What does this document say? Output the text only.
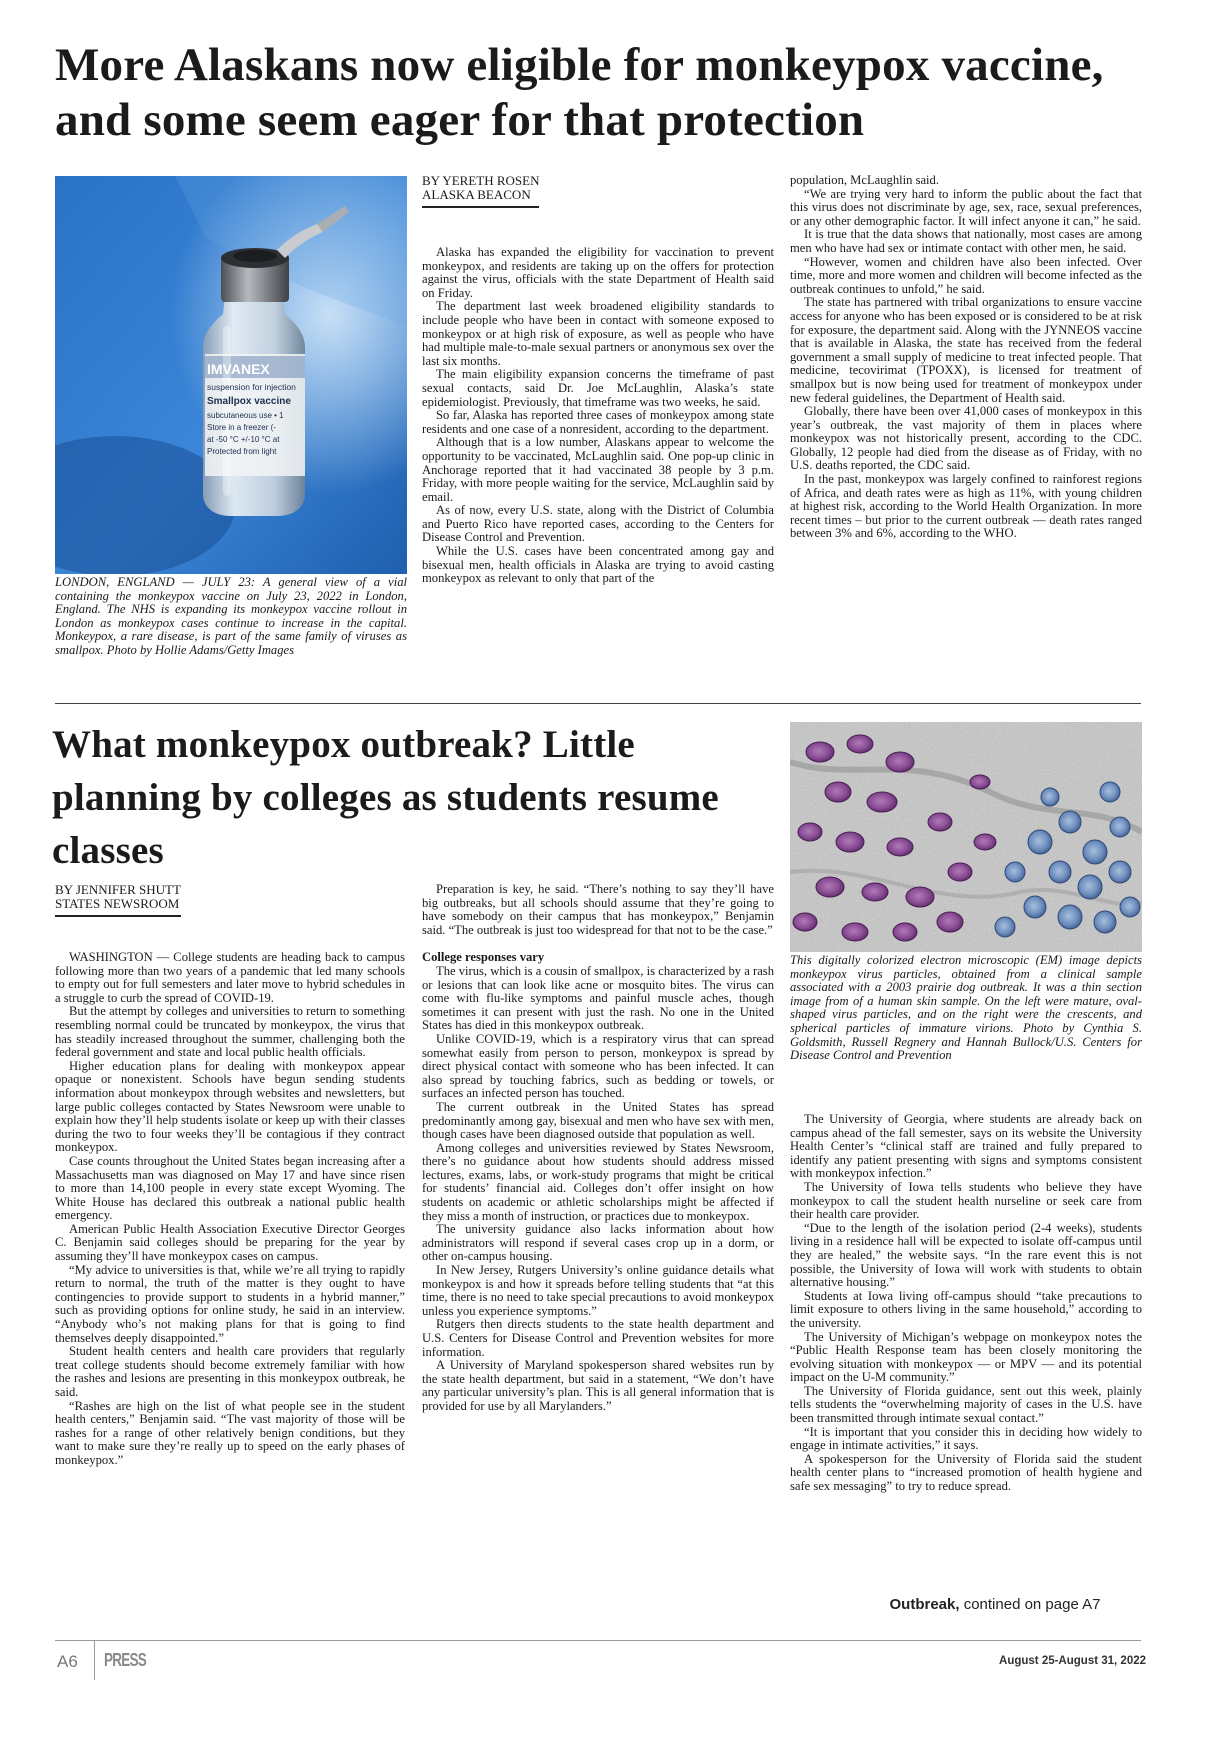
More Alaskans now eligible for monkeypox vaccine, and some seem eager for that protection
IMVANEX
suspension for injection
Smallpox vaccine
subcutaneous use • 1
Store in a freezer (-
at -50 °C +/-10 °C at
Protected from light

LONDON, ENGLAND — JULY 23: A general view of a vial containing the monkeypox vaccine on July 23, 2022 in London, England. The NHS is expanding its monkeypox vaccine rollout in London as monkeypox cases continue to increase in the capital. Monkeypox, a rare disease, is part of the same family of viruses as smallpox. Photo by Hollie Adams/Getty Images

BY YERETH ROSEN
ALASKA BEACON

Alaska has expanded the eligibility for vaccination to prevent monkeypox, and residents are taking up on the offers for protection against the virus, officials with the state Department of Health said on Friday.

The department last week broadened eligibility standards to include people who have been in contact with someone exposed to monkeypox or at high risk of exposure, as well as people who have had multiple male-to-male sexual partners or anonymous sex over the last six months.

The main eligibility expansion concerns the timeframe of past sexual contacts, said Dr. Joe McLaughlin, Alaska’s state epidemiologist. Previously, that timeframe was two weeks, he said.

So far, Alaska has reported three cases of monkeypox among state residents and one case of a nonresident, according to the department.

Although that is a low number, Alaskans appear to welcome the opportunity to be vaccinated, McLaughlin said. One pop-up clinic in Anchorage reported that it had vaccinated 38 people by 3 p.m. Friday, with more people waiting for the service, McLaughlin said by email.

As of now, every U.S. state, along with the District of Columbia and Puerto Rico have reported cases, according to the Centers for Disease Control and Prevention.

While the U.S. cases have been concentrated among gay and bisexual men, health officials in Alaska are trying to avoid casting monkeypox as relevant to only that part of the

population, McLaughlin said.

“We are trying very hard to inform the public about the fact that this virus does not discriminate by age, sex, race, sexual preferences, or any other demographic factor. It will infect anyone it can,” he said.

It is true that the data shows that nationally, most cases are among men who have had sex or intimate contact with other men, he said.

“However, women and children have also been infected. Over time, more and more women and children will become infected as the outbreak continues to unfold,” he said.

The state has partnered with tribal organizations to ensure vaccine access for anyone who has been exposed or is considered to be at risk for exposure, the department said. Along with the JYNNEOS vaccine that is available in Alaska, the state has received from the federal government a small supply of medicine to treat infected people. That medicine, tecovirimat (TPOXX), is licensed for treatment of smallpox but is now being used for treatment of monkeypox under new federal guidelines, the Department of Health said.

Globally, there have been over 41,000 cases of monkeypox in this year’s outbreak, the vast majority of them in places where monkeypox was not historically present, according to the CDC. Globally, 12 people had died from the disease as of Friday, with no U.S. deaths reported, the CDC said.

In the past, monkeypox was largely confined to rainforest regions of Africa, and death rates were as high as 11%, with young children at highest risk, according to the World Health Organization. In more recent times – but prior to the current outbreak — death rates ranged between 3% and 6%, according to the WHO.

What monkeypox outbreak? Little planning by colleges as students resume classes

This digitally colorized electron microscopic (EM) image depicts monkeypox virus particles, obtained from a clinical sample associated with a 2003 prairie dog outbreak. It was a thin section image from of a human skin sample. On the left were mature, oval-shaped virus particles, and on the right were the crescents, and spherical particles of immature virions. Photo by Cynthia S. Goldsmith, Russell Regnery and Hannah Bullock/U.S. Centers for Disease Control and Prevention

BY JENNIFER SHUTT
STATES NEWSROOM

WASHINGTON — College students are heading back to campus following more than two years of a pandemic that led many schools to empty out for full semesters and later move to hybrid schedules in a struggle to curb the spread of COVID-19.

But the attempt by colleges and universities to return to something resembling normal could be truncated by monkeypox, the virus that has steadily increased throughout the summer, challenging both the federal government and state and local public health officials.

Higher education plans for dealing with monkeypox appear opaque or nonexistent. Schools have begun sending students information about monkeypox through websites and newsletters, but large public colleges contacted by States Newsroom were unable to explain how they’ll help students isolate or keep up with their classes during the two to four weeks they’ll be contagious if they contract monkeypox.

Case counts throughout the United States began increasing after a Massachusetts man was diagnosed on May 17 and have since risen to more than 14,100 people in every state except Wyoming. The White House has declared this outbreak a national public health emergency.

American Public Health Association Executive Director Georges C. Benjamin said colleges should be preparing for the year by assuming they’ll have monkeypox cases on campus.

“My advice to universities is that, while we’re all trying to rapidly return to normal, the truth of the matter is they ought to have contingencies to provide support to students in a hybrid manner,” such as providing options for online study, he said in an interview. “Anybody who’s not making plans for that is going to find themselves deeply disappointed.”

Student health centers and health care providers that regularly treat college students should become extremely familiar with how the rashes and lesions are presenting in this monkeypox outbreak, he said.

“Rashes are high on the list of what people see in the student health centers,” Benjamin said. “The vast majority of those will be rashes for a range of other relatively benign conditions, but they want to make sure they’re really up to speed on the early phases of monkeypox.”

Preparation is key, he said. “There’s nothing to say they’ll have big outbreaks, but all schools should assume that they’re going to have somebody on their campus that has monkeypox,” Benjamin said. “The outbreak is just too widespread for that not to be the case.”

College responses vary

The virus, which is a cousin of smallpox, is characterized by a rash or lesions that can look like acne or mosquito bites. The virus can come with flu-like symptoms and painful muscle aches, though sometimes it can present with just the rash. No one in the United States has died in this monkeypox outbreak.

Unlike COVID-19, which is a respiratory virus that can spread somewhat easily from person to person, monkeypox is spread by direct physical contact with someone who has been infected. It can also spread by touching fabrics, such as bedding or towels, or surfaces an infected person has touched.

The current outbreak in the United States has spread predominantly among gay, bisexual and men who have sex with men, though cases have been diagnosed outside that population as well.

Among colleges and universities reviewed by States Newsroom, there’s no guidance about how students should address missed lectures, exams, labs, or work-study programs that might be critical for students’ financial aid. Colleges don’t offer insight on how students on academic or athletic scholarships might be affected if they miss a month of instruction, or practices due to monkeypox.

The university guidance also lacks information about how administrators will respond if several cases crop up in a dorm, or other on-campus housing.

In New Jersey, Rutgers University’s online guidance details what monkeypox is and how it spreads before telling students that “at this time, there is no need to take special precautions to avoid monkeypox unless you experience symptoms.”

Rutgers then directs students to the state health department and U.S. Centers for Disease Control and Prevention websites for more information.

A University of Maryland spokesperson shared websites run by the state health department, but said in a statement, “We don’t have any particular university’s plan. This is all general information that is provided for use by all Marylanders.”

The University of Georgia, where students are already back on campus ahead of the fall semester, says on its website the University Health Center’s “clinical staff are trained and fully prepared to identify any patient presenting with signs and symptoms consistent with monkeypox infection.”

The University of Iowa tells students who believe they have monkeypox to call the student health nurseline or seek care from their health care provider.

“Due to the length of the isolation period (2-4 weeks), students living in a residence hall will be expected to isolate off-campus until they are healed,” the website says. “In the rare event this is not possible, the University of Iowa will work with students to obtain alternative housing.”

Students at Iowa living off-campus should “take precautions to limit exposure to others living in the same household,” according to the university.

The University of Michigan’s webpage on monkeypox notes the “Public Health Response team has been closely monitoring the evolving situation with monkeypox — or MPV — and its potential impact on the U-M community.”

The University of Florida guidance, sent out this week, plainly tells students the “overwhelming majority of cases in the U.S. have been transmitted through intimate sexual contact.”

“It is important that you consider this in deciding how widely to engage in intimate activities,” it says.

A spokesperson for the University of Florida said the student health center plans to “increased promotion of health hygiene and safe sex messaging” to try to reduce spread.

Outbreak, contined on page A7
A6 PRESS	August 25-August 31, 2022
